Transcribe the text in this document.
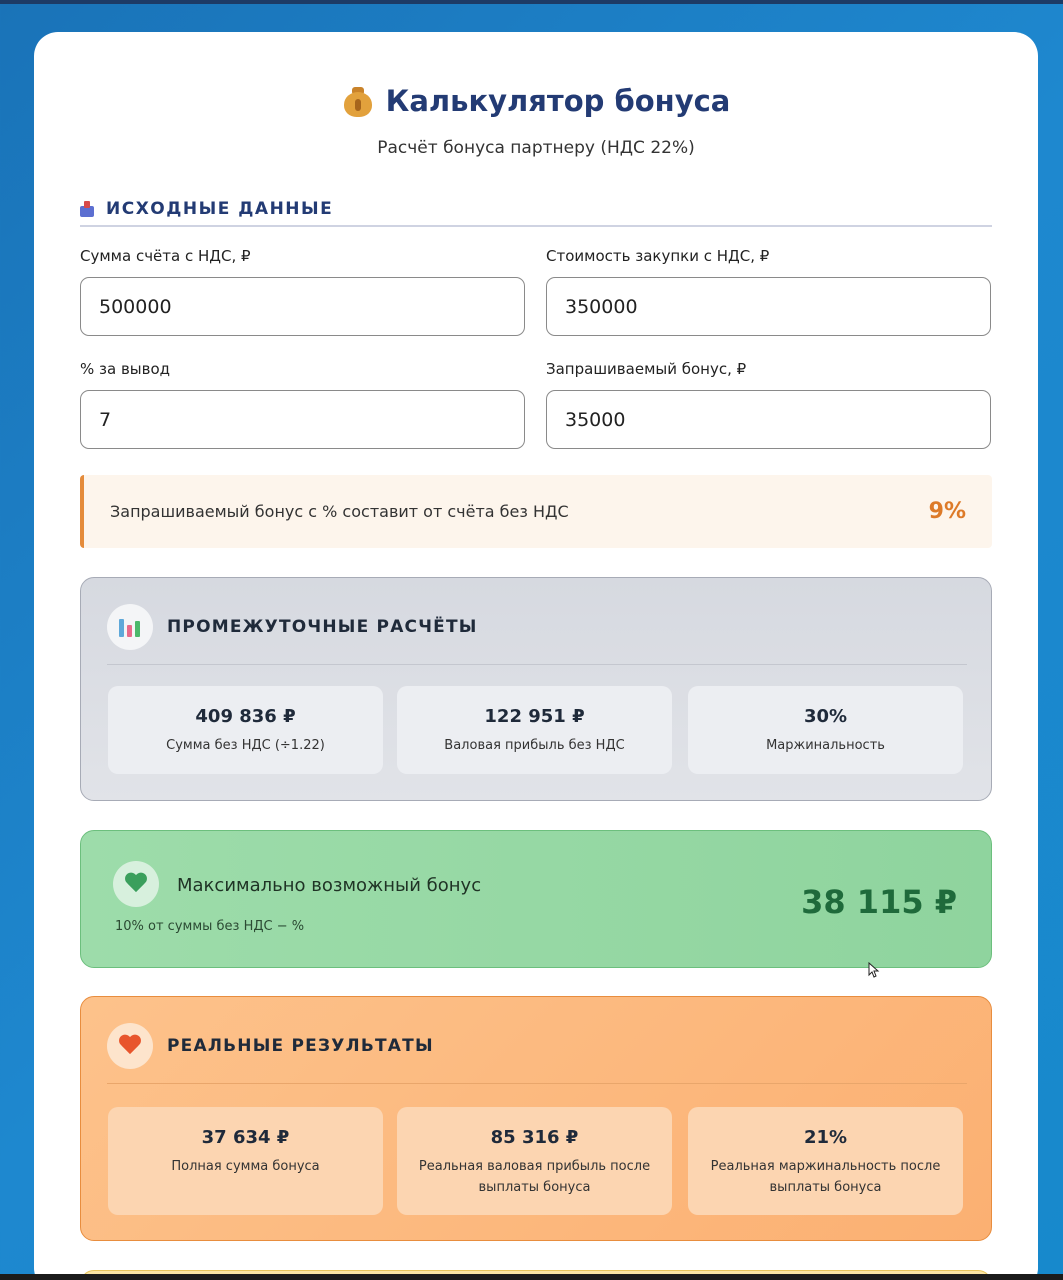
Калькулятор бонуса
Расчёт бонуса партнеру (НДС 22%)
ИСХОДНЫЕ ДАННЫЕ
Сумма счёта с НДС, ₽
500000	Стоимость закупки с НДС, ₽
350000
% за вывод
7	Запрашиваемый бонус, ₽
35000
Запрашиваемый бонус с % составит от счёта без НДС	9%
ПРОМЕЖУТОЧНЫЕ РАСЧЁТЫ
409 836 ₽
Сумма без НДС (÷1.22)
122 951 ₽
Валовая прибыль без НДС
30%
Маржинальность
Максимально возможный бонус
10% от суммы без НДС − %
38 115 ₽
РЕАЛЬНЫЕ РЕЗУЛЬТАТЫ
37 634 ₽
Полная сумма бонуса
85 316 ₽
Реальная валовая прибыль после выплаты бонуса
21%
Реальная маржинальность после выплаты бонуса
